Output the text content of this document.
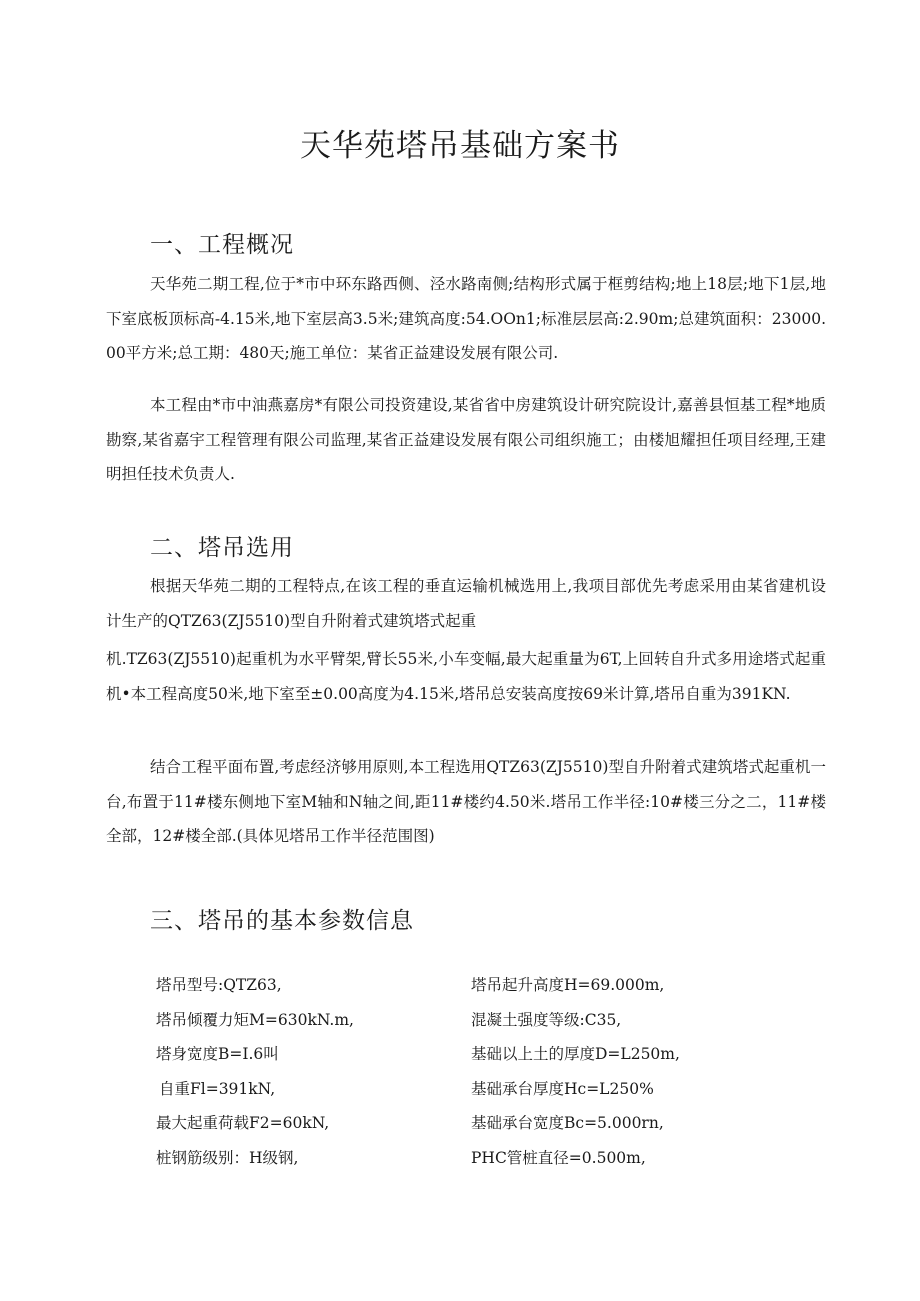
天华苑塔吊基础方案书
一、工程概况

天华苑二期工程,位于*市中环东路西侧、泾水路南侧;结构形式属于框剪结构;地上18层;地下1层,地下室底板顶标高-4.15米,地下室层高3.5米;建筑高度:54.OOn1;标准层层高:2.90m;总建筑面积：23000.00平方米;总工期：480天;施工单位：某省正益建设发展有限公司.

本工程由*市中油燕嘉房*有限公司投资建设,某省省中房建筑设计研究院设计,嘉善县恒基工程*地质勘察,某省嘉宇工程管理有限公司监理,某省正益建设发展有限公司组织施工；由楼旭耀担任项目经理,王建明担任技术负责人.

二、塔吊选用

根据天华苑二期的工程特点,在该工程的垂直运输机械选用上,我项目部优先考虑采用由某省建机设计生产的QTZ63(ZJ5510)型自升附着式建筑塔式起重

机.TZ63(ZJ5510)起重机为水平臂架,臂长55米,小车变幅,最大起重量为6T,上回转自升式多用途塔式起重机•本工程高度50米,地下室至±0.00高度为4.15米,塔吊总安装高度按69米计算,塔吊自重为391KN.

结合工程平面布置,考虑经济够用原则,本工程选用QTZ63(ZJ5510)型自升附着式建筑塔式起重机一台,布置于11#楼东侧地下室M轴和N轴之间,距11#楼约4.50米.塔吊工作半径:10#楼三分之二，11#楼全部，12#楼全部.(具体见塔吊工作半径范围图)

三、塔吊的基本参数信息
塔吊型号:QTZ63,	塔吊起升高度H=69.000m,
塔吊倾覆力矩M=630kN.m,	混凝土强度等级:C35,
塔身宽度B=I.6叫	基础以上土的厚度D=L250m,
自重Fl=391kN,	基础承台厚度Hc=L250%
最大起重荷载F2=60kN,	基础承台宽度Bc=5.000rn,
桩钢筋级别：H级钢,	PHC管桩直径=0.500m,
